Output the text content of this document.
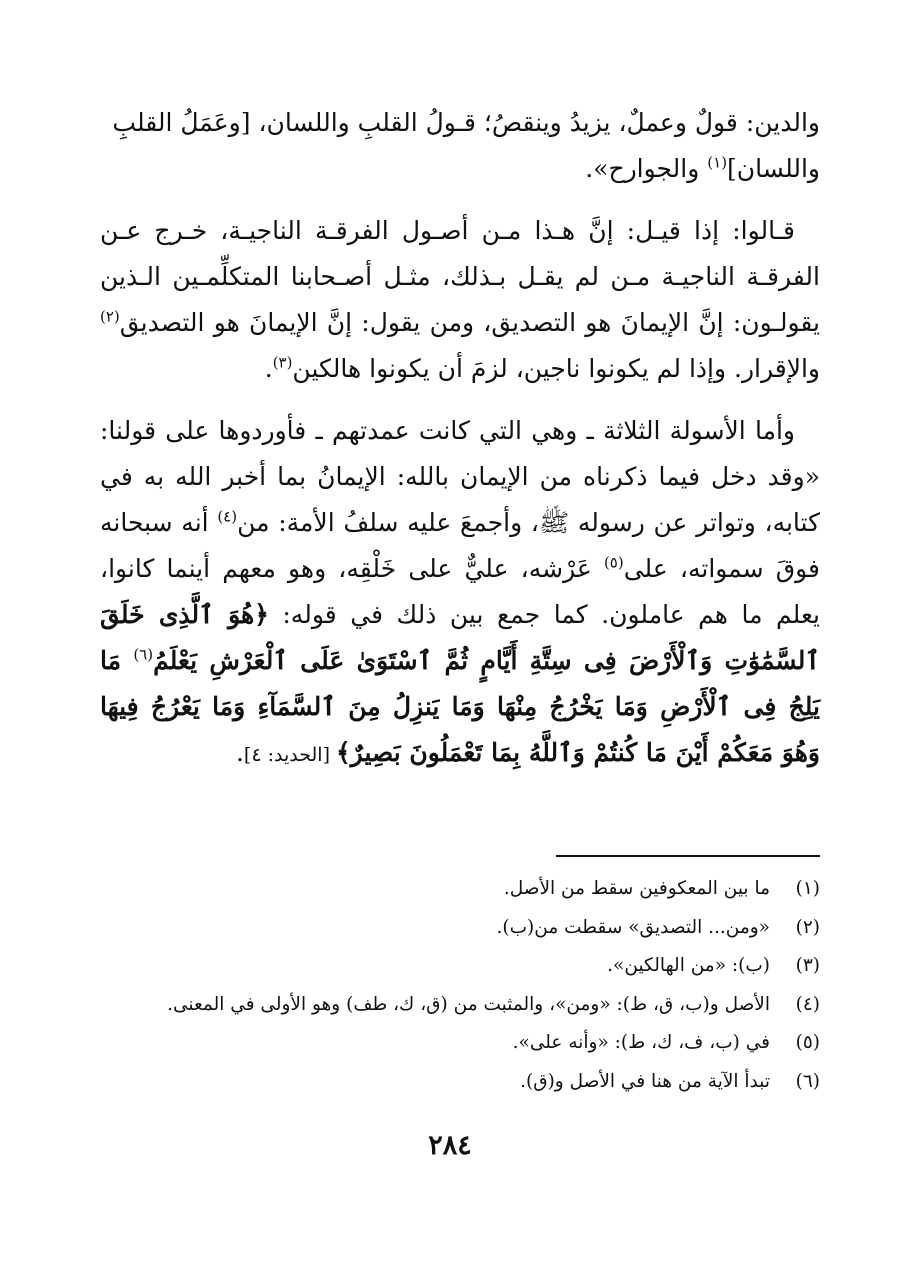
والدين: قولٌ وعملٌ، يزيدُ وينقصُ؛ قـولُ القلبِ واللسان، [وعَمَلُ القلبِ

واللسان]$^{(١)}$ والجوارح».

 قـالوا: إذا قيـل: إنَّ هـذا مـن أصـول الفرقـة الناجيـة، خـرج عـن الفرقـة الناجيـة مـن لم يقـل بـذلك، مثـل أصـحابنا المتكلِّمـين الـذين يقولـون: إنَّ الإيمانَ هو التصديق، ومن يقول: إنَّ الإيمانَ هو التصديق$^{(٢)}$ والإقرار. وإذا لم يكونوا ناجين، لزمَ أن يكونوا هالكين$^{(٣)}$.

 وأما الأسولة الثلاثة ـ وهي التي كانت عمدتهم ـ فأوردوها على قولنا: «وقد دخل فيما ذكرناه من الإيمان بالله: الإيمانُ بما أخبر الله به في كتابه، وتواتر عن رسوله ﷺ، وأجمعَ عليه سلفُ الأمة: من$^{(٤)}$ أنه سبحانه فوقَ سمواته، على$^{(٥)}$ عَرْشه، عليٌّ على خَلْقِه، وهو معهم أينما كانوا، يعلم ما هم عاملون. كما جمع بين ذلك في قوله: ﴿هُوَ ٱلَّذِى خَلَقَ ٱلسَّمَٰوَٰتِ وَٱلْأَرْضَ فِى سِتَّةِ أَيَّامٍ ثُمَّ ٱسْتَوَىٰ عَلَى ٱلْعَرْشِ يَعْلَمُ$^{(٦)}$ مَا يَلِجُ فِى ٱلْأَرْضِ وَمَا يَخْرُجُ مِنْهَا وَمَا يَنزِلُ مِنَ ٱلسَّمَآءِ وَمَا يَعْرُجُ فِيهَا وَهُوَ مَعَكُمْ أَيْنَ مَا كُنتُمْ وَٱللَّهُ بِمَا تَعْمَلُونَ بَصِيرٌ﴾ [الحديد: ٤].

(١)
ما بين المعكوفين سقط من الأصل.
(٢)
«ومن... التصديق» سقطت من(ب).
(٣)
(ب): «من الهالكين».
(٤)
الأصل و(ب، ق، ط): «ومن»، والمثبت من (ق، ك، طف) وهو الأولى في المعنى.
(٥)
في (ب، ف، ك، ط): «وأنه على».
(٦)
تبدأ الآية من هنا في الأصل و(ق).
٢٨٤
